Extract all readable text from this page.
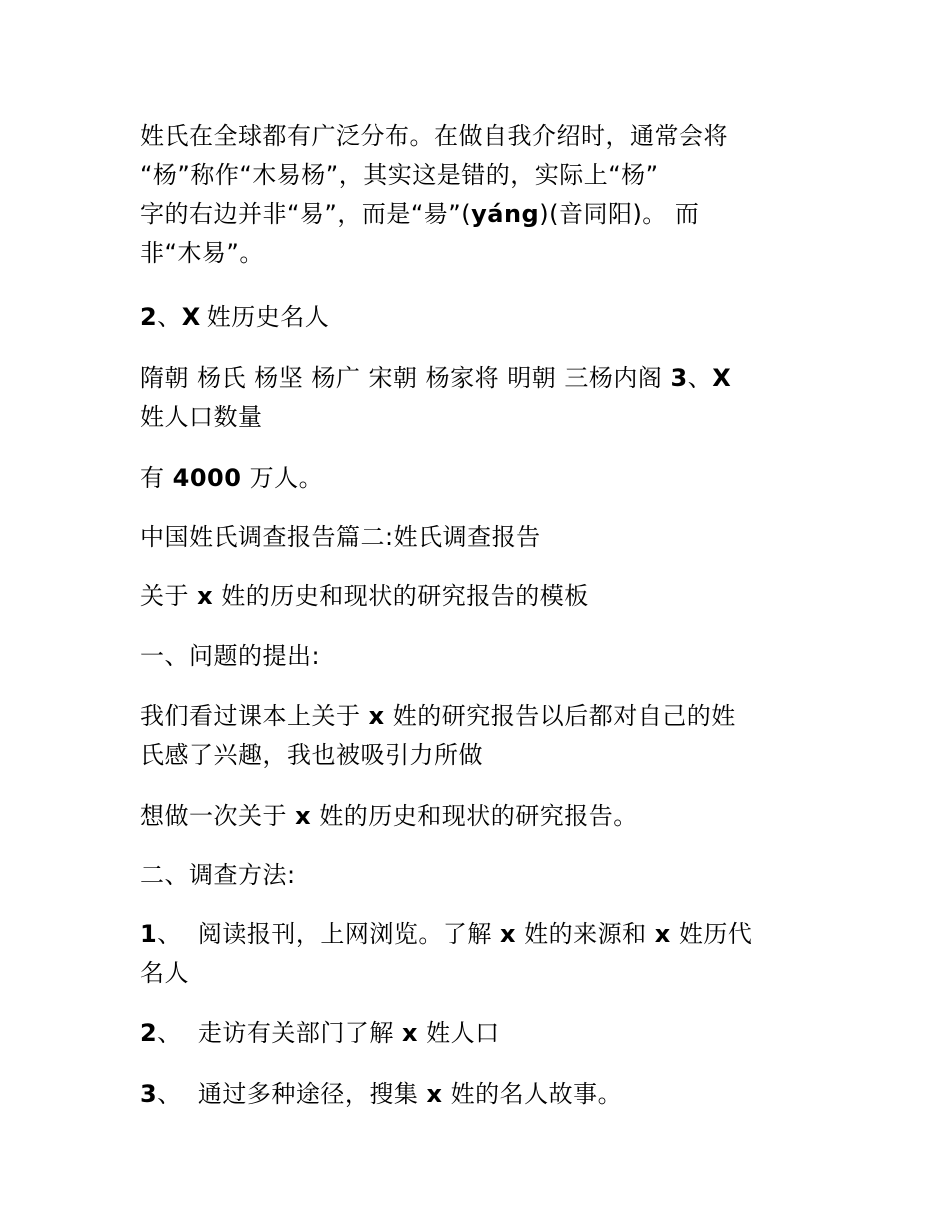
姓氏在全球都有广泛分布。在做自我介绍时，通常会将
“杨”称作“木易杨”，其实这是错的，实际上“杨”
字的右边并非“易”，而是“昜”(yáng)(音同阳)。 而
非“木易”。
2、X 姓历史名人
隋朝 杨氏 杨坚 杨广 宋朝 杨家将 明朝 三杨内阁 3、X
姓人口数量
有 4000 万人。
中国姓氏调查报告篇二:姓氏调查报告
关于 x 姓的历史和现状的研究报告的模板
一、问题的提出:
我们看过课本上关于 x 姓的研究报告以后都对自己的姓
氏感了兴趣，我也被吸引力所做
想做一次关于 x 姓的历史和现状的研究报告。
二、调查方法:
1、 阅读报刊，上网浏览。了解 x 姓的来源和 x 姓历代
名人
2、 走访有关部门了解 x 姓人口
3、 通过多种途径，搜集 x 姓的名人故事。
